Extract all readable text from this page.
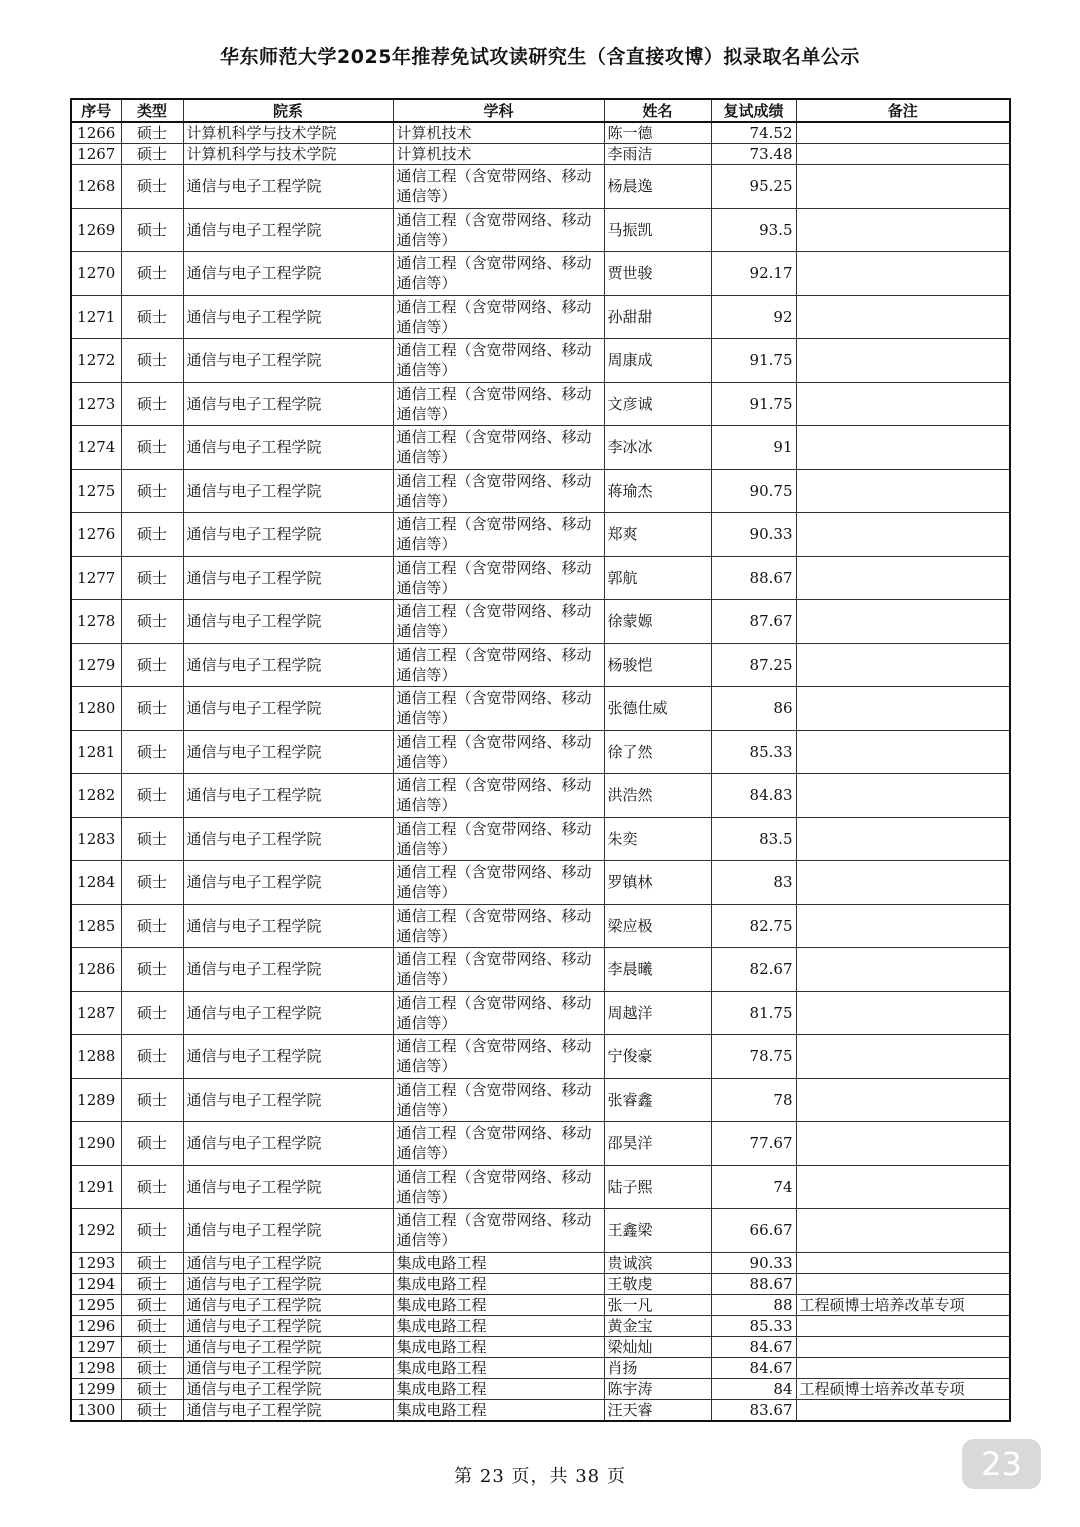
华东师范大学2025年推荐免试攻读研究生（含直接攻博）拟录取名单公示
序号	类型	院系	学科	姓名	复试成绩	备注
1266	硕士	计算机科学与技术学院	计算机技术	陈一德	74.52	
1267	硕士	计算机科学与技术学院	计算机技术	李雨洁	73.48	
1268	硕士	通信与电子工程学院	通信工程（含宽带网络、移动通信等）	杨晨逸	95.25	
1269	硕士	通信与电子工程学院	通信工程（含宽带网络、移动通信等）	马振凯	93.5	
1270	硕士	通信与电子工程学院	通信工程（含宽带网络、移动通信等）	贾世骏	92.17	
1271	硕士	通信与电子工程学院	通信工程（含宽带网络、移动通信等）	孙甜甜	92	
1272	硕士	通信与电子工程学院	通信工程（含宽带网络、移动通信等）	周康成	91.75	
1273	硕士	通信与电子工程学院	通信工程（含宽带网络、移动通信等）	文彦诚	91.75	
1274	硕士	通信与电子工程学院	通信工程（含宽带网络、移动通信等）	李冰冰	91	
1275	硕士	通信与电子工程学院	通信工程（含宽带网络、移动通信等）	蒋瑜杰	90.75	
1276	硕士	通信与电子工程学院	通信工程（含宽带网络、移动通信等）	郑爽	90.33	
1277	硕士	通信与电子工程学院	通信工程（含宽带网络、移动通信等）	郭航	88.67	
1278	硕士	通信与电子工程学院	通信工程（含宽带网络、移动通信等）	徐蒙嫄	87.67	
1279	硕士	通信与电子工程学院	通信工程（含宽带网络、移动通信等）	杨骏恺	87.25	
1280	硕士	通信与电子工程学院	通信工程（含宽带网络、移动通信等）	张德仕威	86	
1281	硕士	通信与电子工程学院	通信工程（含宽带网络、移动通信等）	徐了然	85.33	
1282	硕士	通信与电子工程学院	通信工程（含宽带网络、移动通信等）	洪浩然	84.83	
1283	硕士	通信与电子工程学院	通信工程（含宽带网络、移动通信等）	朱奕	83.5	
1284	硕士	通信与电子工程学院	通信工程（含宽带网络、移动通信等）	罗镇林	83	
1285	硕士	通信与电子工程学院	通信工程（含宽带网络、移动通信等）	梁应极	82.75	
1286	硕士	通信与电子工程学院	通信工程（含宽带网络、移动通信等）	李晨曦	82.67	
1287	硕士	通信与电子工程学院	通信工程（含宽带网络、移动通信等）	周越洋	81.75	
1288	硕士	通信与电子工程学院	通信工程（含宽带网络、移动通信等）	宁俊豪	78.75	
1289	硕士	通信与电子工程学院	通信工程（含宽带网络、移动通信等）	张睿鑫	78	
1290	硕士	通信与电子工程学院	通信工程（含宽带网络、移动通信等）	邵昊洋	77.67	
1291	硕士	通信与电子工程学院	通信工程（含宽带网络、移动通信等）	陆子熙	74	
1292	硕士	通信与电子工程学院	通信工程（含宽带网络、移动通信等）	王鑫梁	66.67	
1293	硕士	通信与电子工程学院	集成电路工程	贵诚滨	90.33	
1294	硕士	通信与电子工程学院	集成电路工程	王敬虔	88.67	
1295	硕士	通信与电子工程学院	集成电路工程	张一凡	88	工程硕博士培养改革专项
1296	硕士	通信与电子工程学院	集成电路工程	黄金宝	85.33	
1297	硕士	通信与电子工程学院	集成电路工程	梁灿灿	84.67	
1298	硕士	通信与电子工程学院	集成电路工程	肖扬	84.67	
1299	硕士	通信与电子工程学院	集成电路工程	陈宇涛	84	工程硕博士培养改革专项
1300	硕士	通信与电子工程学院	集成电路工程	汪天睿	83.67	
第 23 页，共 38 页	23
